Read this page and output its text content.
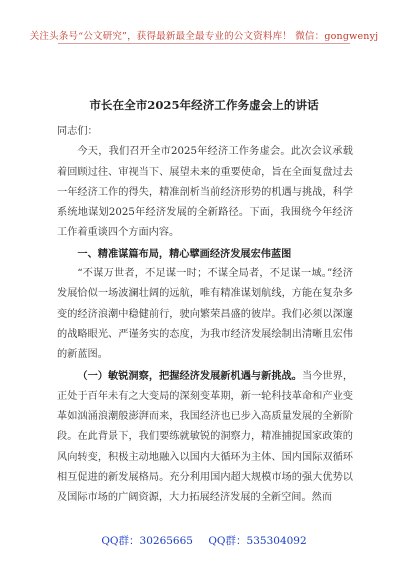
关注头条号“公文研究”，获得最新最全最专业的公文资料库！ 微信：gongwenyj
市长在全市2025年经济工作务虚会上的讲话

同志们：

今天，我们召开全市2025年经济工作务虚会。此次会议承载着回顾过往、审视当下、展望未来的重要使命，旨在全面复盘过去一年经济工作的得失，精准剖析当前经济形势的机遇与挑战，科学系统地谋划2025年经济发展的全新路径。下面，我围绕今年经济工作着重谈四个方面内容。

一、精准谋篇布局，精心擘画经济发展宏伟蓝图

“不谋万世者，不足谋一时；不谋全局者，不足谋一域。”经济发展恰似一场波澜壮阔的远航，唯有精准谋划航线，方能在复杂多变的经济浪潮中稳健前行，驶向繁荣昌盛的彼岸。我们必须以深邃的战略眼光、严谨务实的态度，为我市经济发展绘制出清晰且宏伟的新蓝图。

（一）敏锐洞察，把握经济发展新机遇与新挑战。当今世界，正处于百年未有之大变局的深刻变革期，新一轮科技革命和产业变革如汹涌浪潮般澎湃而来，我国经济也已步入高质量发展的全新阶段。在此背景下，我们要练就敏锐的洞察力，精准捕捉国家政策的风向转变，积极主动地融入以国内大循环为主体、国内国际双循环相互促进的新发展格局。充分利用国内超大规模市场的强大优势以及国际市场的广阔资源，大力拓展经济发展的全新空间。然而

QQ群：30265665 QQ群：535304092
